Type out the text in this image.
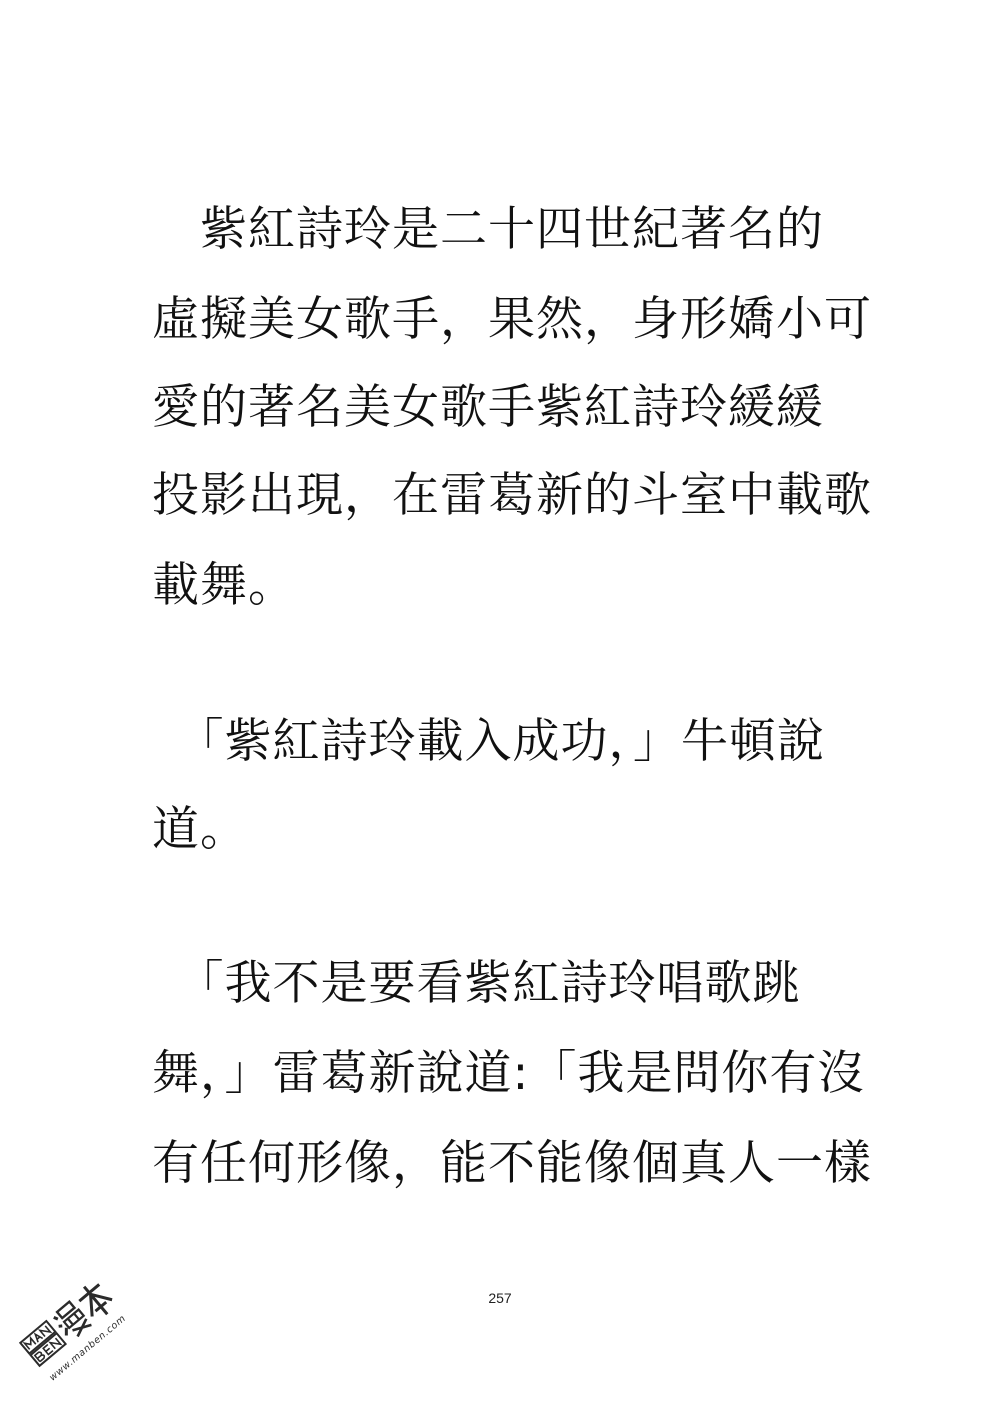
　紫紅詩玲是二十四世紀著名的
虛擬美女歌手，果然，身形嬌小可
愛的著名美女歌手紫紅詩玲緩緩
投影出現，在雷葛新的斗室中載歌
載舞。
　「紫紅詩玲載入成功，」牛頓說
道。
　「我不是要看紫紅詩玲唱歌跳
舞，」雷葛新說道:「我是問你有沒
有任何形像，能不能像個真人一樣
257
www.manben.com
